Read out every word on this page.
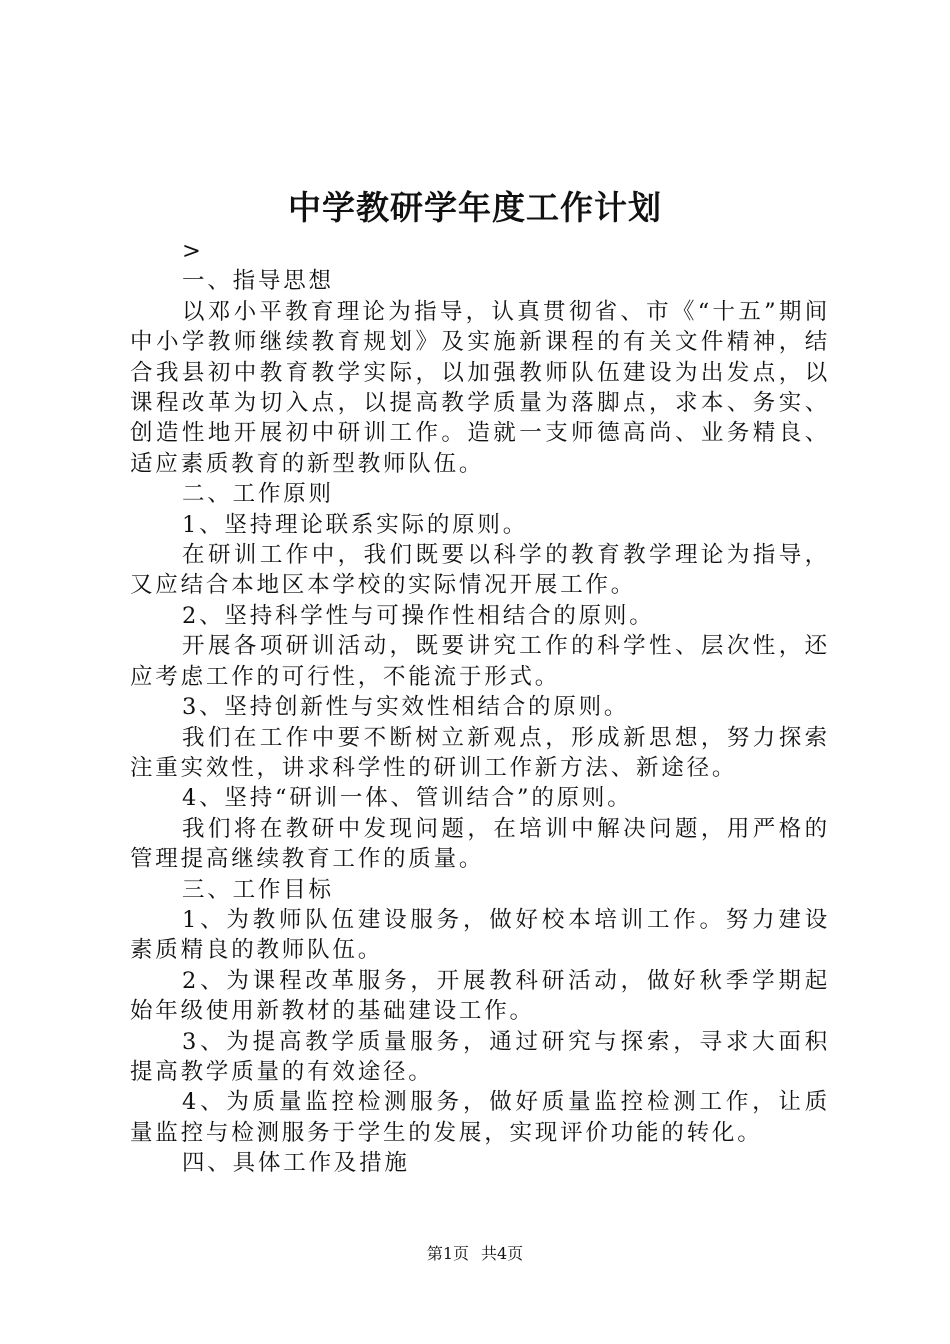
中学教研学年度工作计划

>

一、指导思想

以邓小平教育理论为指导，认真贯彻省、市《“十五”期间中小学教师继续教育规划》及实施新课程的有关文件精神，结合我县初中教育教学实际，以加强教师队伍建设为出发点，以课程改革为切入点，以提高教学质量为落脚点，求本、务实、创造性地开展初中研训工作。造就一支师德高尚、业务精良、适应素质教育的新型教师队伍。

二、工作原则

1、坚持理论联系实际的原则。

在研训工作中，我们既要以科学的教育教学理论为指导，又应结合本地区本学校的实际情况开展工作。

2、坚持科学性与可操作性相结合的原则。

开展各项研训活动，既要讲究工作的科学性、层次性，还应考虑工作的可行性，不能流于形式。

3、坚持创新性与实效性相结合的原则。

我们在工作中要不断树立新观点，形成新思想，努力探索注重实效性，讲求科学性的研训工作新方法、新途径。

4、坚持“研训一体、管训结合”的原则。

我们将在教研中发现问题，在培训中解决问题，用严格的管理提高继续教育工作的质量。

三、工作目标

1、为教师队伍建设服务，做好校本培训工作。努力建设素质精良的教师队伍。

2、为课程改革服务，开展教科研活动，做好秋季学期起始年级使用新教材的基础建设工作。

3、为提高教学质量服务，通过研究与探索，寻求大面积提高教学质量的有效途径。

4、为质量监控检测服务，做好质量监控检测工作，让质量监控与检测服务于学生的发展，实现评价功能的转化。

四、具体工作及措施

第1页 共4页
